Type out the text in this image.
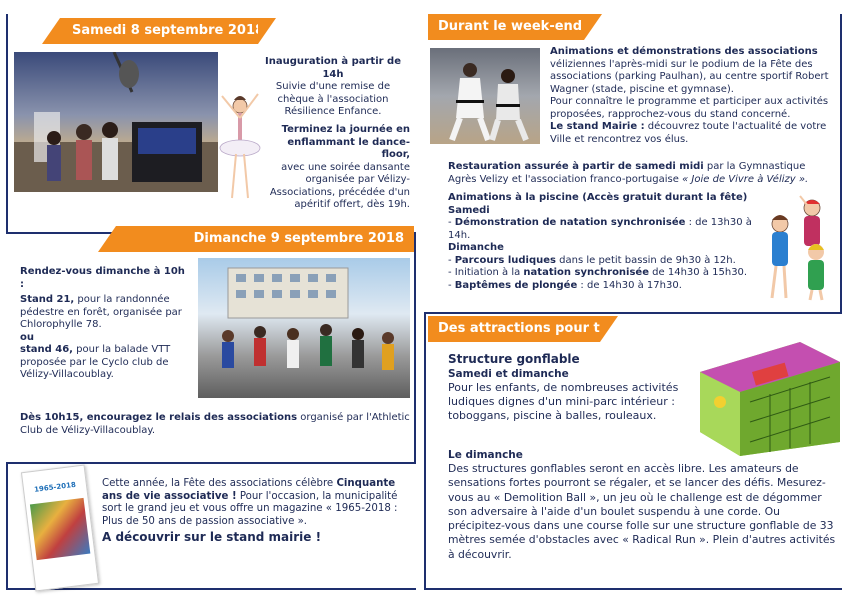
Samedi 8 septembre 2018

Inauguration à partir de 14h

Suivie d'une remise de chèque à l'association Résilience Enfance.

Terminez la journée en enflammant le dance-floor,

avec une soirée dansante organisée par Vélizy-Associations, précédée d'un apéritif offert, dès 19h.

Dimanche 9 septembre 2018

Rendez-vous dimanche à 10h :

Stand 21, pour la randonnée pédestre en forêt, organisée par Chlorophylle 78.

ou

stand 46, pour la balade VTT proposée par le Cyclo club de Vélizy-Villacoublay.

Dès 10h15, encouragez le relais des associations organisé par l'Athletic Club de Vélizy-Villacoublay.

1965-2018	Cette année, la Fête des associations célèbre Cinquante ans de vie associative ! Pour l'occasion, la municipalité sort le grand jeu et vous offre un magazine « 1965-2018 : Plus de 50 ans de passion associative ».

A découvrir sur le stand mairie !

Durant le week-end

Animations et démonstrations des associations véliziennes l'après-midi sur le podium de la Fête des associations (parking Paulhan), au centre sportif Robert Wagner (stade, piscine et gymnase).

Pour connaître le programme et participer aux activités proposées, rapprochez-vous du stand concerné.

Le stand Mairie : découvrez toute l'actualité de votre Ville et rencontrez vos élus.

Restauration assurée à partir de samedi midi par la Gymnastique Agrès Velizy et l'association franco-portugaise « Joie de Vivre à Vélizy ».

Animations à la piscine (Accès gratuit durant la fête)

Samedi

- Démonstration de natation synchronisée : de 13h30 à 14h.

Dimanche

- Parcours ludiques dans le petit bassin de 9h30 à 12h.

- Initiation à la natation synchronisée de 14h30 à 15h30.

- Baptêmes de plongée : de 14h30 à 17h30.

Des attractions pour tous

Structure gonflable

Samedi et dimanche

Pour les enfants, de nombreuses activités ludiques dignes d'un mini-parc intérieur : toboggans, piscine à balles, rouleaux.

Le dimanche

Des structures gonflables seront en accès libre. Les amateurs de sensations fortes pourront se régaler, et se lancer des défis. Mesurez-vous au « Demolition Ball », un jeu où le challenge est de dégommer son adversaire à l'aide d'un boulet suspendu à une corde. Ou précipitez-vous dans une course folle sur une structure gonflable de 33 mètres semée d'obstacles avec « Radical Run ». Plein d'autres activités à découvrir.
